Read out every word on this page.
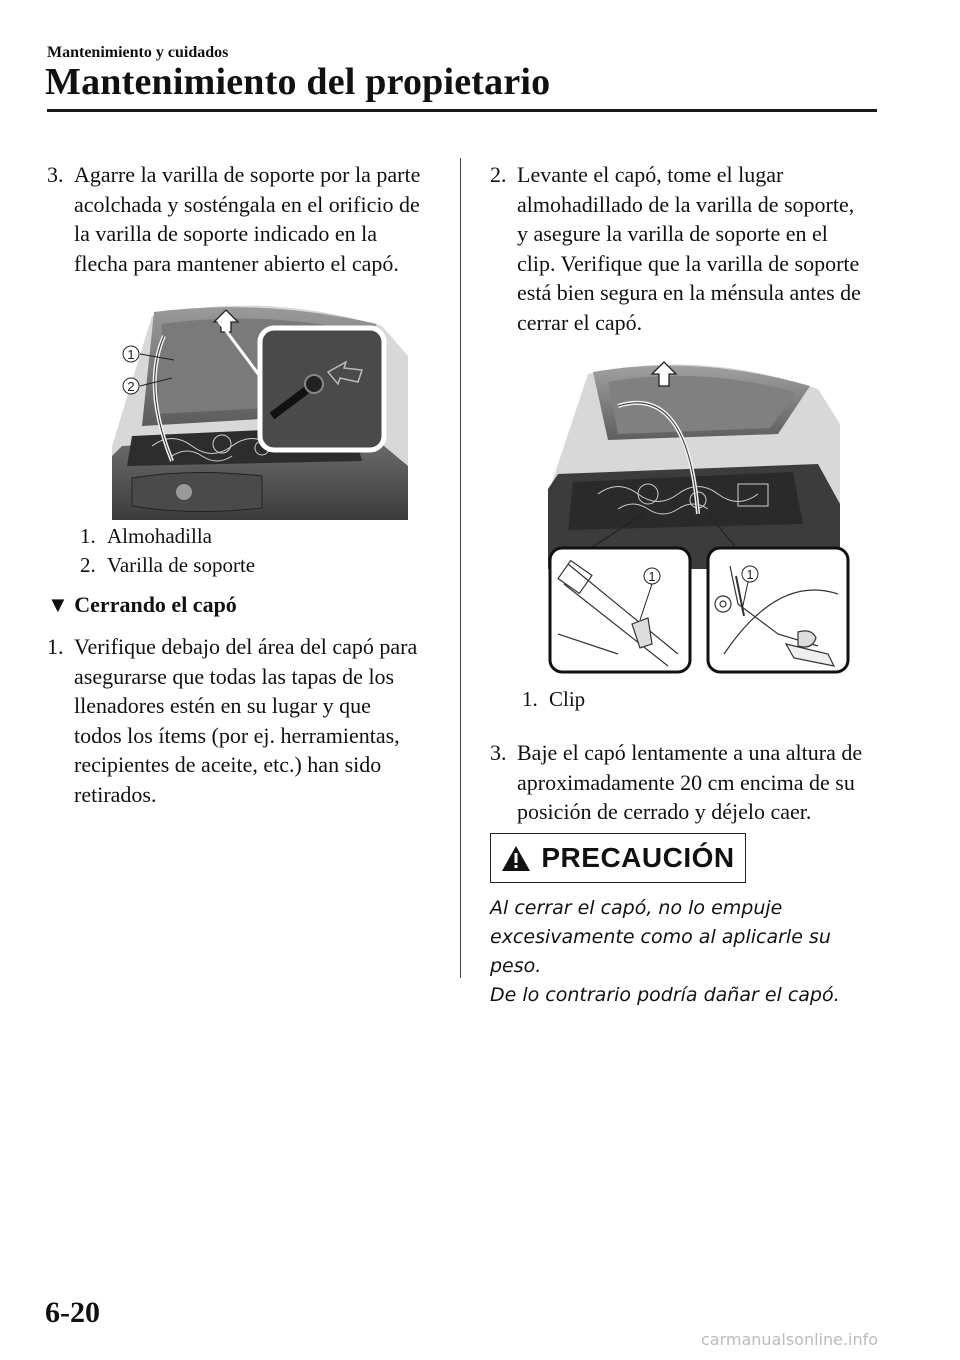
Mantenimiento y cuidados
Mantenimiento del propietario
3. Agarre la varilla de soporte por la parte
acolchada y sosténgala en el orificio de
la varilla de soporte indicado en la
flecha para mantener abierto el capó.
1
2
1. Almohadilla
2. Varilla de soporte
▼ Cerrando el capó
1. Verifique debajo del área del capó para
asegurarse que todas las tapas de los
llenadores estén en su lugar y que
todos los ítems (por ej. herramientas,
recipientes de aceite, etc.) han sido
retirados.
2. Levante el capó, tome el lugar
almohadillado de la varilla de soporte,
y asegure la varilla de soporte en el
clip. Verifique que la varilla de soporte
está bien segura en la ménsula antes de
cerrar el capó.
1	1
1. Clip
3. Baje el capó lentamente a una altura de
aproximadamente 20 cm encima de su
posición de cerrado y déjelo caer.
PRECAUCIÓN
Al cerrar el capó, no lo empuje
excesivamente como al aplicarle su peso.
De lo contrario podría dañar el capó.
6-20
carmanualsonline.info
